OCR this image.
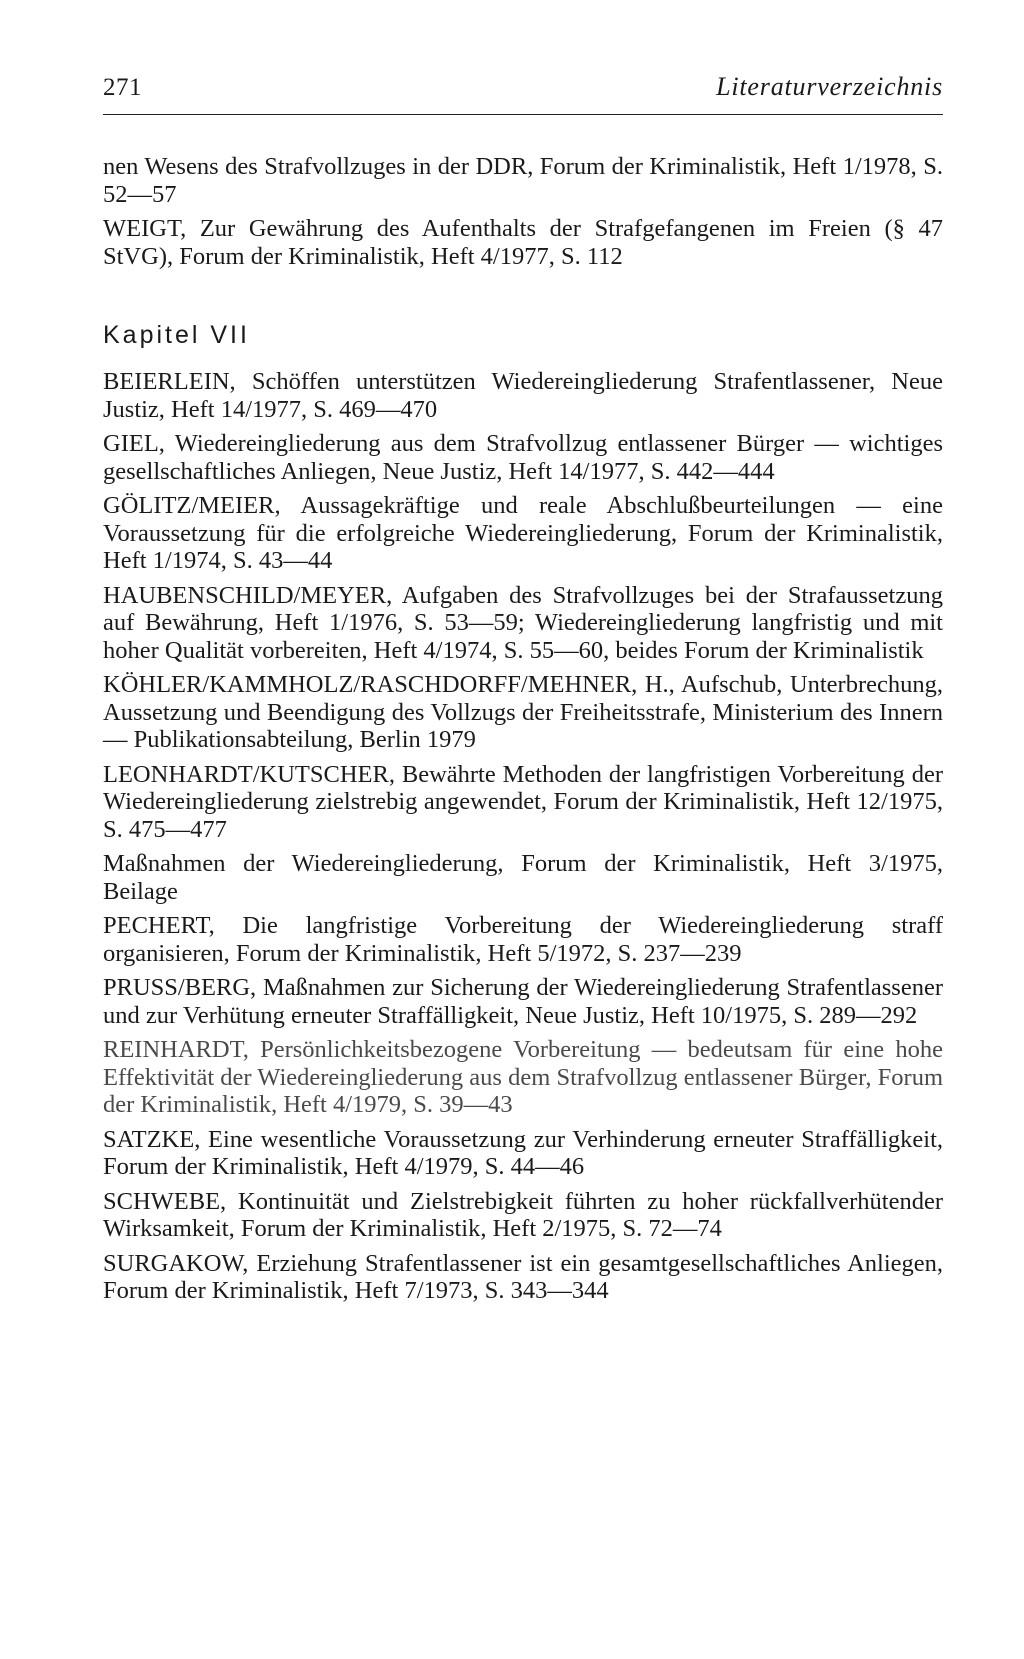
271	Literaturverzeichnis

nen Wesens des Strafvollzuges in der DDR, Forum der Kriminalistik, Heft 1/1978, S. 52—57

WEIGT, Zur Gewährung des Aufenthalts der Strafgefangenen im Freien (§ 47 StVG), Forum der Kriminalistik, Heft 4/1977, S. 112

Kapitel VII

BEIERLEIN, Schöffen unterstützen Wiedereingliederung Strafentlassener, Neue Justiz, Heft 14/1977, S. 469—470

GIEL, Wiedereingliederung aus dem Strafvollzug entlassener Bürger — wichtiges gesellschaftliches Anliegen, Neue Justiz, Heft 14/1977, S. 442—444

GÖLITZ/MEIER, Aussagekräftige und reale Abschlußbeurteilungen — eine Voraussetzung für die erfolgreiche Wiedereingliederung, Forum der Kriminalistik, Heft 1/1974, S. 43—44

HAUBENSCHILD/MEYER, Aufgaben des Strafvollzuges bei der Strafaussetzung auf Bewährung, Heft 1/1976, S. 53—59; Wiedereingliederung langfristig und mit hoher Qualität vorbereiten, Heft 4/1974, S. 55—60, beides Forum der Kriminalistik

KÖHLER/KAMMHOLZ/RASCHDORFF/MEHNER, H., Aufschub, Unterbrechung, Aussetzung und Beendigung des Vollzugs der Freiheitsstrafe, Ministerium des Innern — Publikationsabteilung, Berlin 1979

LEONHARDT/KUTSCHER, Bewährte Methoden der langfristigen Vorbereitung der Wiedereingliederung zielstrebig angewendet, Forum der Kriminalistik, Heft 12/1975, S. 475—477

Maßnahmen der Wiedereingliederung, Forum der Kriminalistik, Heft 3/1975, Beilage

PECHERT, Die langfristige Vorbereitung der Wiedereingliederung straff organisieren, Forum der Kriminalistik, Heft 5/1972, S. 237—239

PRUSS/BERG, Maßnahmen zur Sicherung der Wiedereingliederung Strafentlassener und zur Verhütung erneuter Straffälligkeit, Neue Justiz, Heft 10/1975, S. 289—292

REINHARDT, Persönlichkeitsbezogene Vorbereitung — bedeutsam für eine hohe Effektivität der Wiedereingliederung aus dem Strafvollzug entlassener Bürger, Forum der Kriminalistik, Heft 4/1979, S. 39—43

SATZKE, Eine wesentliche Voraussetzung zur Verhinderung erneuter Straffälligkeit, Forum der Kriminalistik, Heft 4/1979, S. 44—46

SCHWEBE, Kontinuität und Zielstrebigkeit führten zu hoher rückfallverhütender Wirksamkeit, Forum der Kriminalistik, Heft 2/1975, S. 72—74

SURGAKOW, Erziehung Strafentlassener ist ein gesamtgesellschaftliches Anliegen, Forum der Kriminalistik, Heft 7/1973, S. 343—344
